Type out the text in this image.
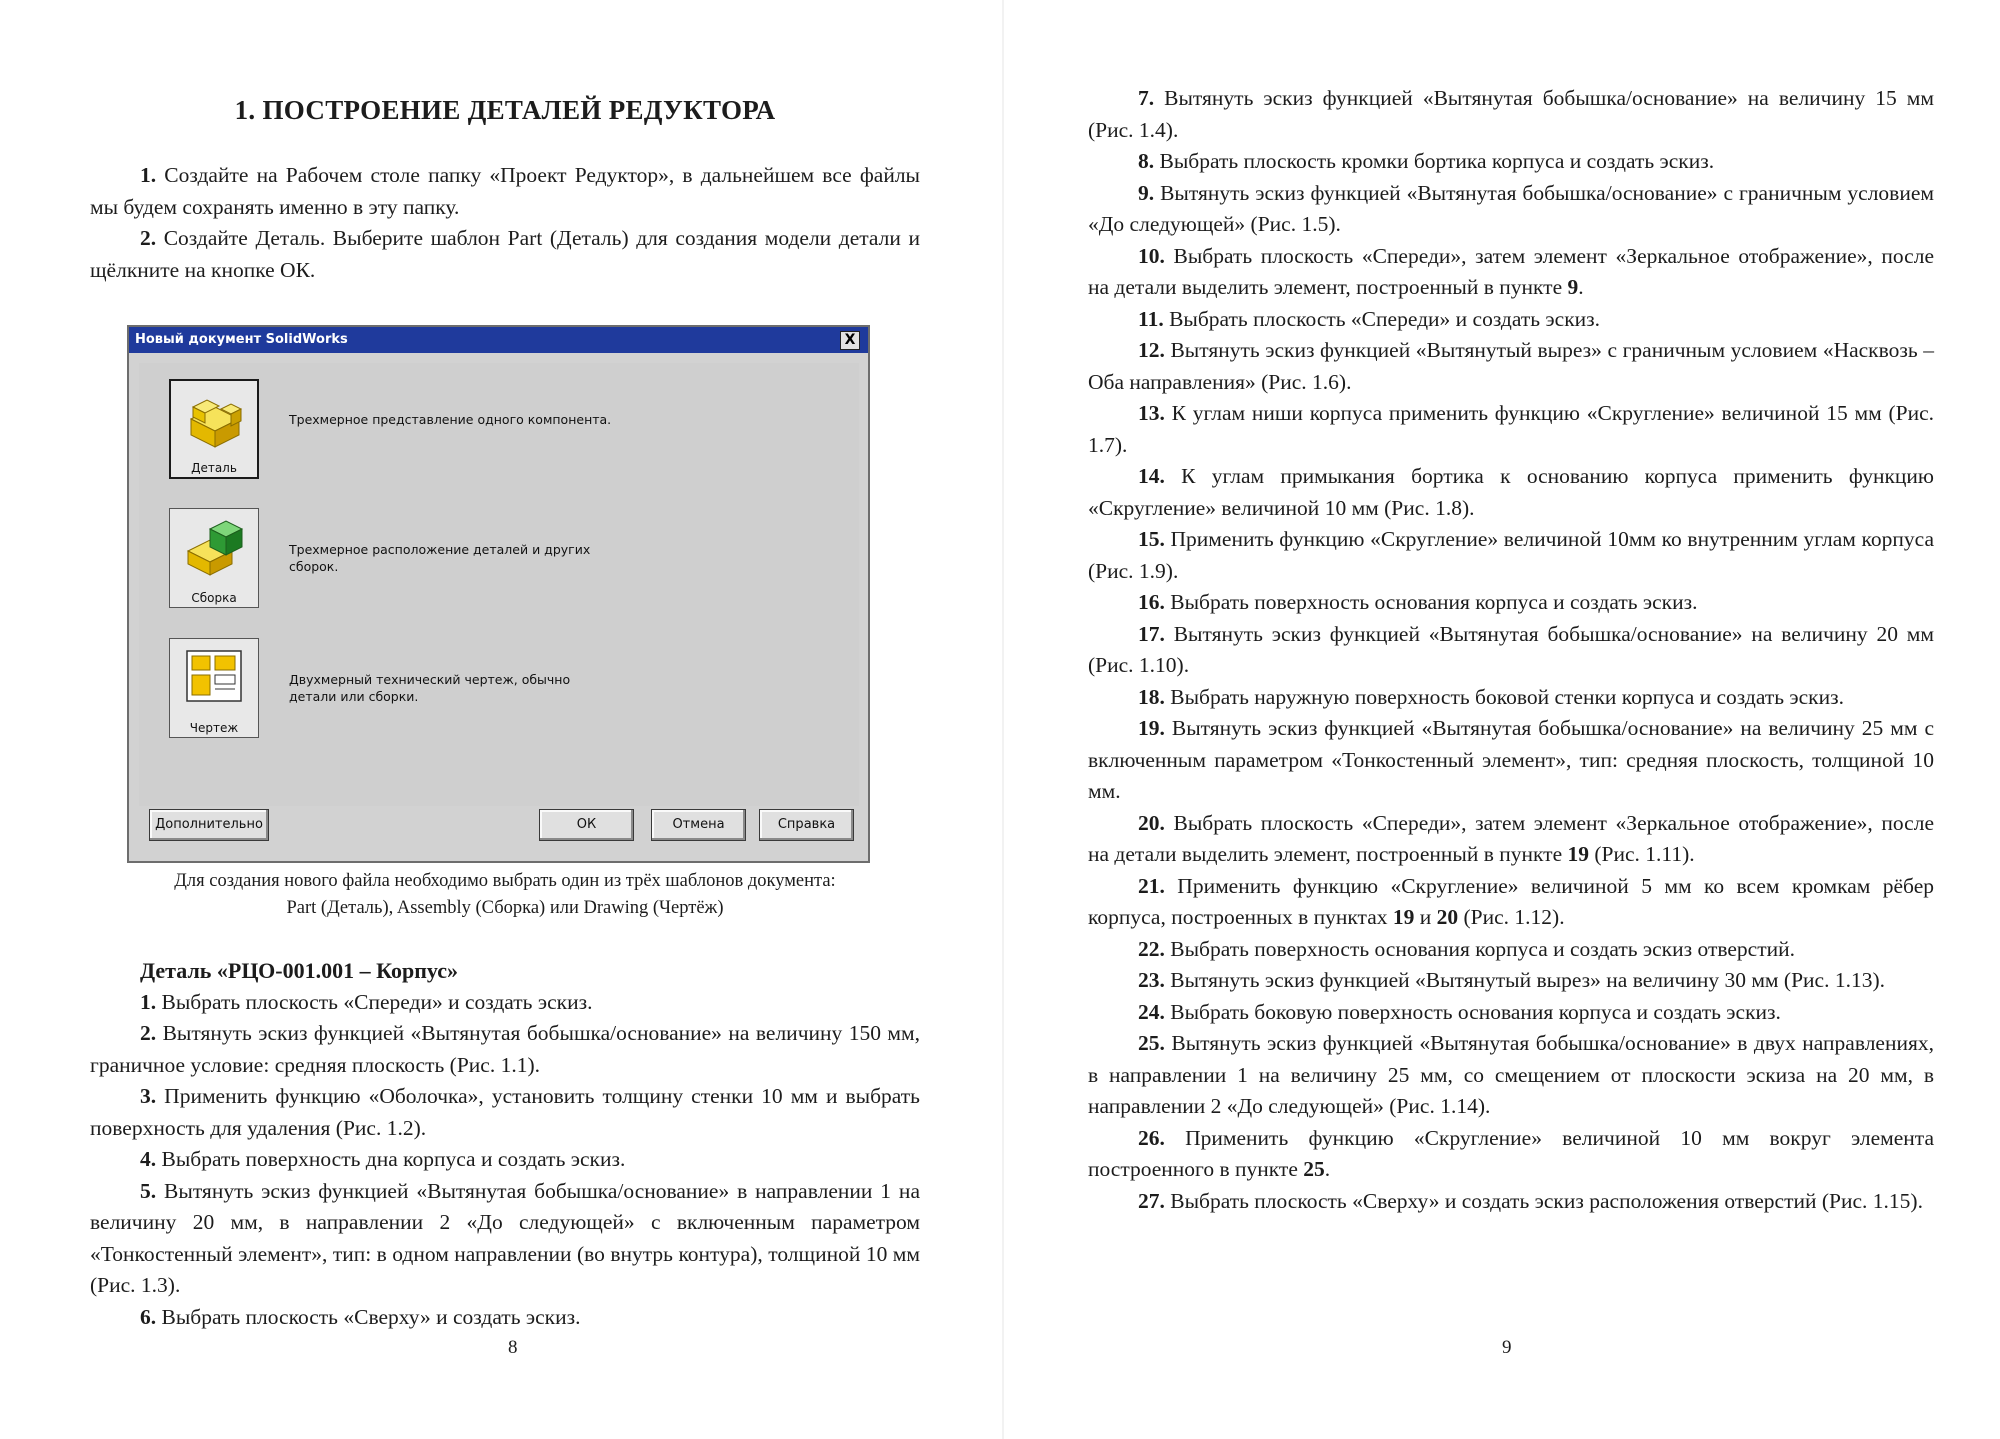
1. ПОСТРОЕНИЕ ДЕТАЛЕЙ РЕДУКТОРА

1. Создайте на Рабочем столе папку «Проект Редуктор», в дальнейшем все файлы мы будем сохранять именно в эту папку.

2. Создайте Деталь. Выберите шаблон Part (Деталь) для создания модели детали и щёлкните на кнопке ОК.

Новый документ SolidWorks	X
Деталь
Трехмерное представление одного компонента.
Сборка
Трехмерное расположение деталей и других сборок.
Чертеж
Двухмерный технический чертеж, обычно детали или сборки.
Дополнительно	ОК	Отмена	Справка
Для создания нового файла необходимо выбрать один из трёх шаблонов документа:
Part (Деталь), Assembly (Сборка) или Drawing (Чертёж)

Деталь «РЦО-001.001 – Корпус»

1. Выбрать плоскость «Спереди» и создать эскиз.

2. Вытянуть эскиз функцией «Вытянутая бобышка/основание» на величину 150 мм, граничное условие: средняя плоскость (Рис. 1.1).

3. Применить функцию «Оболочка», установить толщину стенки 10 мм и выбрать поверхность для удаления (Рис. 1.2).

4. Выбрать поверхность дна корпуса и создать эскиз.

5. Вытянуть эскиз функцией «Вытянутая бобышка/основание» в направлении 1 на величину 20 мм, в направлении 2 «До следующей» с включенным параметром «Тонкостенный элемент», тип: в одном направлении (во внутрь контура), толщиной 10 мм (Рис. 1.3).

6. Выбрать плоскость «Сверху» и создать эскиз.

8

7. Вытянуть эскиз функцией «Вытянутая бобышка/основание» на величину 15 мм (Рис. 1.4).

8. Выбрать плоскость кромки бортика корпуса и создать эскиз.

9. Вытянуть эскиз функцией «Вытянутая бобышка/основание» с граничным условием «До следующей» (Рис. 1.5).

10. Выбрать плоскость «Спереди», затем элемент «Зеркальное отображение», после на детали выделить элемент, построенный в пункте 9.

11. Выбрать плоскость «Спереди» и создать эскиз.

12. Вытянуть эскиз функцией «Вытянутый вырез» с граничным условием «Насквозь – Оба направления» (Рис. 1.6).

13. К углам ниши корпуса применить функцию «Скругление» величиной 15 мм (Рис. 1.7).

14. К углам примыкания бортика к основанию корпуса применить функцию «Скругление» величиной 10 мм (Рис. 1.8).

15. Применить функцию «Скругление» величиной 10мм ко внутренним углам корпуса (Рис. 1.9).

16. Выбрать поверхность основания корпуса и создать эскиз.

17. Вытянуть эскиз функцией «Вытянутая бобышка/основание» на величину 20 мм (Рис. 1.10).

18. Выбрать наружную поверхность боковой стенки корпуса и создать эскиз.

19. Вытянуть эскиз функцией «Вытянутая бобышка/основание» на величину 25 мм с включенным параметром «Тонкостенный элемент», тип: средняя плоскость, толщиной 10 мм.

20. Выбрать плоскость «Спереди», затем элемент «Зеркальное отображение», после на детали выделить элемент, построенный в пункте 19 (Рис. 1.11).

21. Применить функцию «Скругление» величиной 5 мм ко всем кромкам рёбер корпуса, построенных в пунктах 19 и 20 (Рис. 1.12).

22. Выбрать поверхность основания корпуса и создать эскиз отверстий.

23. Вытянуть эскиз функцией «Вытянутый вырез» на величину 30 мм (Рис. 1.13).

24. Выбрать боковую поверхность основания корпуса и создать эскиз.

25. Вытянуть эскиз функцией «Вытянутая бобышка/основание» в двух направлениях, в направлении 1 на величину 25 мм, со смещением от плоскости эскиза на 20 мм, в направлении 2 «До следующей» (Рис. 1.14).

26. Применить функцию «Скругление» величиной 10 мм вокруг элемента построенного в пункте 25.

27. Выбрать плоскость «Сверху» и создать эскиз расположения отверстий (Рис. 1.15).

9
